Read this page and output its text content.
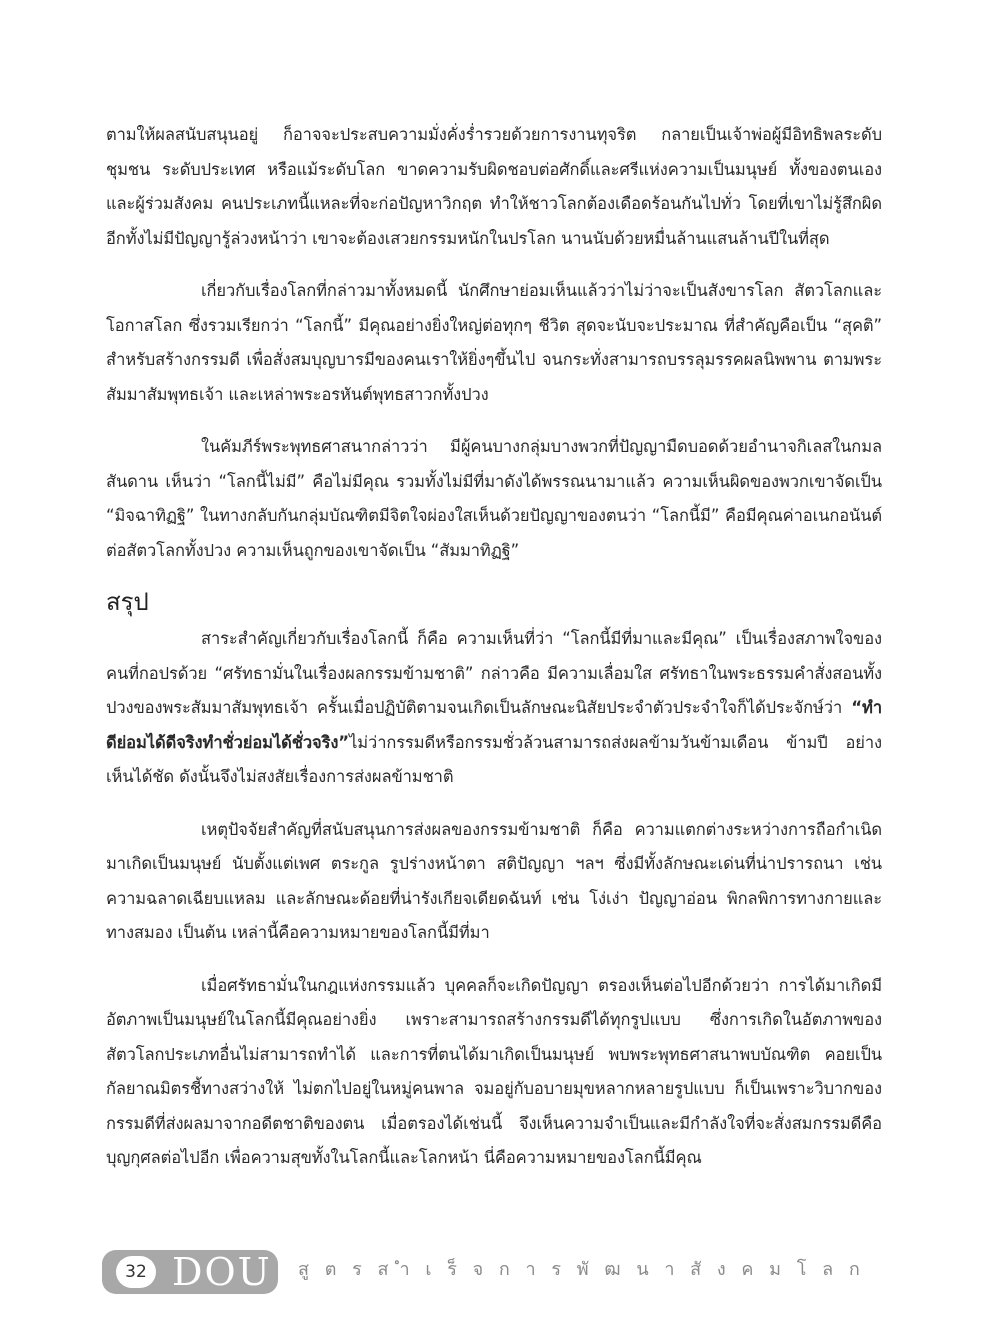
ตามให้ผลสนับสนุนอยู่ ก็อาจจะประสบความมั่งคั่งร่ำรวยด้วยการงานทุจริต กลายเป็นเจ้าพ่อผู้มีอิทธิพลระดับชุมชน ระดับประเทศ หรือแม้ระดับโลก ขาดความรับผิดชอบต่อศักดิ์และศรีแห่งความเป็นมนุษย์ ทั้งของตนเองและผู้ร่วมสังคม คนประเภทนี้แหละที่จะก่อปัญหาวิกฤต ทำให้ชาวโลกต้องเดือดร้อนกันไปทั่ว โดยที่เขาไม่รู้สึกผิด อีกทั้งไม่มีปัญญารู้ล่วงหน้าว่า เขาจะต้องเสวยกรรมหนักในปรโลก นานนับด้วยหมื่นล้านแสนล้านปีในที่สุด

เกี่ยวกับเรื่องโลกที่กล่าวมาทั้งหมดนี้ นักศึกษาย่อมเห็นแล้วว่าไม่ว่าจะเป็นสังขารโลก สัตวโลกและโอกาสโลก ซึ่งรวมเรียกว่า “โลกนี้” มีคุณอย่างยิ่งใหญ่ต่อทุกๆ ชีวิต สุดจะนับจะประมาณ ที่สำคัญคือเป็น “สุคติ” สำหรับสร้างกรรมดี เพื่อสั่งสมบุญบารมีของคนเราให้ยิ่งๆขึ้นไป จนกระทั่งสามารถบรรลุมรรคผลนิพพาน ตามพระสัมมาสัมพุทธเจ้า และเหล่าพระอรหันต์พุทธสาวกทั้งปวง

ในคัมภีร์พระพุทธศาสนากล่าวว่า มีผู้คนบางกลุ่มบางพวกที่ปัญญามืดบอดด้วยอำนาจกิเลสในกมลสันดาน เห็นว่า “โลกนี้ไม่มี” คือไม่มีคุณ รวมทั้งไม่มีที่มาดังได้พรรณนามาแล้ว ความเห็นผิดของพวกเขาจัดเป็น “มิจฉาทิฏฐิ” ในทางกลับกันกลุ่มบัณฑิตมีจิตใจผ่องใสเห็นด้วยปัญญาของตนว่า “โลกนี้มี” คือมีคุณค่าอเนกอนันต์ต่อสัตวโลกทั้งปวง ความเห็นถูกของเขาจัดเป็น “สัมมาทิฏฐิ”

สรุป

สาระสำคัญเกี่ยวกับเรื่องโลกนี้ ก็คือ ความเห็นที่ว่า “โลกนี้มีที่มาและมีคุณ” เป็นเรื่องสภาพใจของคนที่กอปรด้วย “ศรัทธามั่นในเรื่องผลกรรมข้ามชาติ” กล่าวคือ มีความเลื่อมใส ศรัทธาในพระธรรมคำสั่งสอนทั้งปวงของพระสัมมาสัมพุทธเจ้า ครั้นเมื่อปฏิบัติตามจนเกิดเป็นลักษณะนิสัยประจำตัวประจำใจก็ได้ประจักษ์ว่า “ทำดีย่อมได้ดีจริงทำชั่วย่อมได้ชั่วจริง”ไม่ว่ากรรมดีหรือกรรมชั่วล้วนสามารถส่งผลข้ามวันข้ามเดือน ข้ามปี อย่างเห็นได้ชัด ดังนั้นจึงไม่สงสัยเรื่องการส่งผลข้ามชาติ

เหตุปัจจัยสำคัญที่สนับสนุนการส่งผลของกรรมข้ามชาติ ก็คือ ความแตกต่างระหว่างการถือกำเนิดมาเกิดเป็นมนุษย์ นับตั้งแต่เพศ ตระกูล รูปร่างหน้าตา สติปัญญา ฯลฯ ซึ่งมีทั้งลักษณะเด่นที่น่าปรารถนา เช่น ความฉลาดเฉียบแหลม และลักษณะด้อยที่น่ารังเกียจเดียดฉันท์ เช่น โง่เง่า ปัญญาอ่อน พิกลพิการทางกายและทางสมอง เป็นต้น เหล่านี้คือความหมายของโลกนี้มีที่มา

เมื่อศรัทธามั่นในกฎแห่งกรรมแล้ว บุคคลก็จะเกิดปัญญา ตรองเห็นต่อไปอีกด้วยว่า การได้มาเกิดมีอัตภาพเป็นมนุษย์ในโลกนี้มีคุณอย่างยิ่ง เพราะสามารถสร้างกรรมดีได้ทุกรูปแบบ ซึ่งการเกิดในอัตภาพของสัตวโลกประเภทอื่นไม่สามารถทำได้ และการที่ตนได้มาเกิดเป็นมนุษย์ พบพระพุทธศาสนาพบบัณฑิต คอยเป็นกัลยาณมิตรชี้ทางสว่างให้ ไม่ตกไปอยู่ในหมู่คนพาล จมอยู่กับอบายมุขหลากหลายรูปแบบ ก็เป็นเพราะวิบากของกรรมดีที่ส่งผลมาจากอดีตชาติของตน เมื่อตรองได้เช่นนี้ จึงเห็นความจำเป็นและมีกำลังใจที่จะสั่งสมกรรมดีคือ บุญกุศลต่อไปอีก เพื่อความสุขทั้งในโลกนี้และโลกหน้า นี่คือความหมายของโลกนี้มีคุณ

32 DOU สู ต ร ส ำ เ ร็ จ ก า ร พั ฒ น า สั ง ค ม โ ล ก
